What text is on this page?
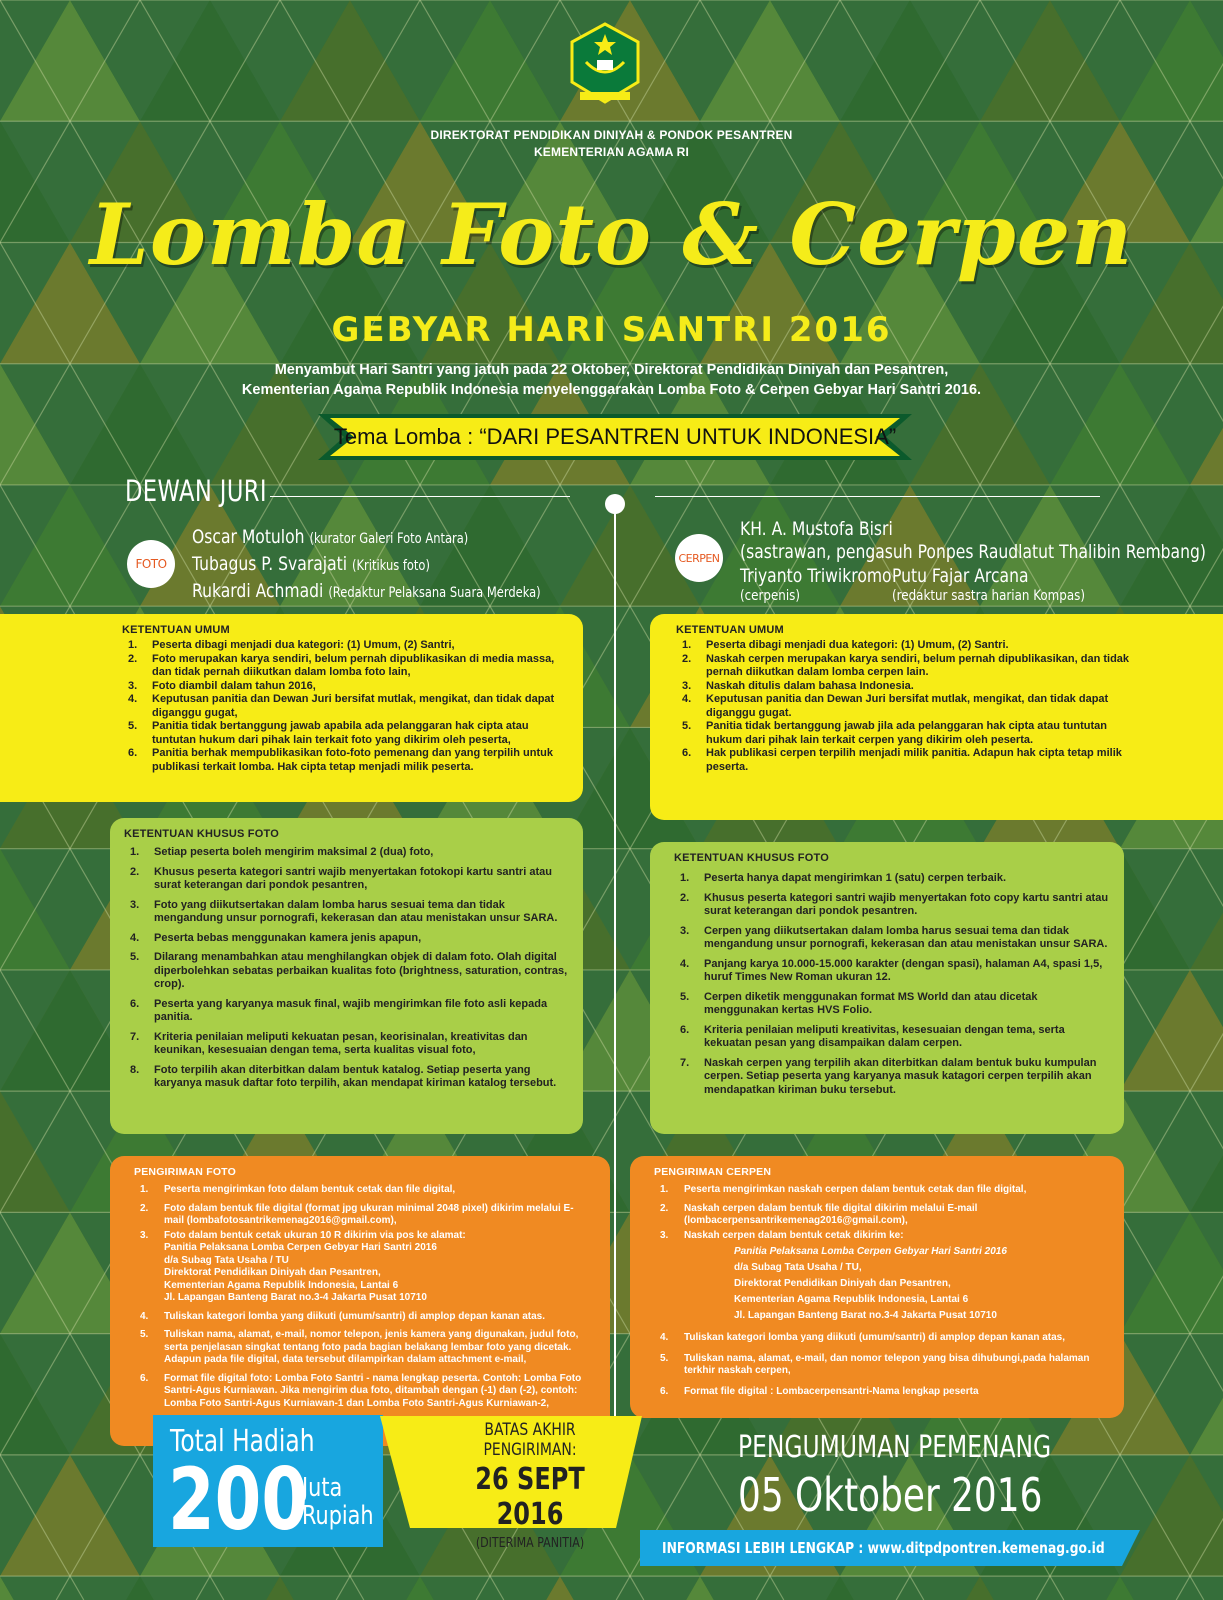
DIREKTORAT PENDIDIKAN DINIYAH & PONDOK PESANTREN
KEMENTERIAN AGAMA RI
Lomba Foto & Cerpen
GEBYAR HARI SANTRI 2016
Menyambut Hari Santri yang jatuh pada 22 Oktober, Direktorat Pendidikan Diniyah dan Pesantren,
Kementerian Agama Republik Indonesia menyelenggarakan Lomba Foto & Cerpen Gebyar Hari Santri 2016.
Tema Lomba : “DARI PESANTREN UNTUK INDONESIA”
DEWAN JURI
FOTO
Oscar Motuloh (kurator Galeri Foto Antara)
Tubagus P. Svarajati (Kritikus foto)
Rukardi Achmadi (Redaktur Pelaksana Suara Merdeka)
CERPEN
KH. A. Mustofa Bisri
(sastrawan, pengasuh Ponpes Raudlatut Thalibin Rembang)
Triyanto Triwikromo
(cerpenis)
Putu Fajar Arcana
(redaktur sastra harian Kompas)
KETENTUAN UMUM
1.	Peserta dibagi menjadi dua kategori: (1) Umum, (2) Santri,
2.	Foto merupakan karya sendiri, belum pernah dipublikasikan di media massa, dan tidak pernah diikutkan dalam lomba foto lain,
3.	Foto diambil dalam tahun 2016,
4.	Keputusan panitia dan Dewan Juri bersifat mutlak, mengikat, dan tidak dapat diganggu gugat,
5.	Panitia tidak bertanggung jawab apabila ada pelanggaran hak cipta atau tuntutan hukum dari pihak lain terkait foto yang dikirim oleh peserta,
6.	Panitia berhak mempublikasikan foto-foto pemenang dan yang terpilih untuk publikasi terkait lomba. Hak cipta tetap menjadi milik peserta.
KETENTUAN UMUM
1.	Peserta dibagi menjadi dua kategori: (1) Umum, (2) Santri.
2.	Naskah cerpen merupakan karya sendiri, belum pernah dipublikasikan, dan tidak pernah diikutkan dalam lomba cerpen lain.
3.	Naskah ditulis dalam bahasa Indonesia.
4.	Keputusan panitia dan Dewan Juri bersifat mutlak, mengikat, dan tidak dapat diganggu gugat.
5.	Panitia tidak bertanggung jawab jila ada pelanggaran hak cipta atau tuntutan hukum dari pihak lain terkait cerpen yang dikirim oleh peserta.
6.	Hak publikasi cerpen terpilih menjadi milik panitia. Adapun hak cipta tetap milik peserta.
KETENTUAN KHUSUS FOTO
1.	Setiap peserta boleh mengirim maksimal 2 (dua) foto,
2.	Khusus peserta kategori santri wajib menyertakan fotokopi kartu santri atau surat keterangan dari pondok pesantren,
3.	Foto yang diikutsertakan dalam lomba harus sesuai tema dan tidak mengandung unsur pornografi, kekerasan dan atau menistakan unsur SARA.
4.	Peserta bebas menggunakan kamera jenis apapun,
5.	Dilarang menambahkan atau menghilangkan objek di dalam foto. Olah digital diperbolehkan sebatas perbaikan kualitas foto (brightness, saturation, contras, crop).
6.	Peserta yang karyanya masuk final, wajib mengirimkan file foto asli kepada panitia.
7.	Kriteria penilaian meliputi kekuatan pesan, keorisinalan, kreativitas dan keunikan, kesesuaian dengan tema, serta kualitas visual foto,
8.	Foto terpilih akan diterbitkan dalam bentuk katalog. Setiap peserta yang karyanya masuk daftar foto terpilih, akan mendapat kiriman katalog tersebut.
KETENTUAN KHUSUS FOTO
1.	Peserta hanya dapat mengirimkan 1 (satu) cerpen terbaik.
2.	Khusus peserta kategori santri wajib menyertakan foto copy kartu santri atau surat keterangan dari pondok pesantren.
3.	Cerpen yang diikutsertakan dalam lomba harus sesuai tema dan tidak mengandung unsur pornografi, kekerasan dan atau menistakan unsur SARA.
4.	Panjang karya 10.000-15.000 karakter (dengan spasi), halaman A4, spasi 1,5, huruf Times New Roman ukuran 12.
5.	Cerpen diketik menggunakan format MS World dan atau dicetak menggunakan kertas HVS Folio.
6.	Kriteria penilaian meliputi kreativitas, kesesuaian dengan tema, serta kekuatan pesan yang disampaikan dalam cerpen.
7.	Naskah cerpen yang terpilih akan diterbitkan dalam bentuk buku kumpulan cerpen. Setiap peserta yang karyanya masuk katagori cerpen terpilih akan mendapatkan kiriman buku tersebut.
PENGIRIMAN FOTO
1.	Peserta mengirimkan foto dalam bentuk cetak dan file digital,
2.	Foto dalam bentuk file digital (format jpg ukuran minimal 2048 pixel) dikirim melalui E-mail (lombafotosantrikemenag2016@gmail.com),
3.	Foto dalam bentuk cetak ukuran 10 R dikirim via pos ke alamat:
Panitia Pelaksana Lomba Cerpen Gebyar Hari Santri 2016
d/a Subag Tata Usaha / TU
Direktorat Pendidikan Diniyah dan Pesantren,
Kementerian Agama Republik Indonesia, Lantai 6
Jl. Lapangan Banteng Barat no.3-4 Jakarta Pusat 10710
4.	Tuliskan kategori lomba yang diikuti (umum/santri) di amplop depan kanan atas.
5.	Tuliskan nama, alamat, e-mail, nomor telepon, jenis kamera yang digunakan, judul foto, serta penjelasan singkat tentang foto pada bagian belakang lembar foto yang dicetak. Adapun pada file digital, data tersebut dilampirkan dalam attachment e-mail,
6.	Format file digital foto: Lomba Foto Santri - nama lengkap peserta. Contoh: Lomba Foto Santri-Agus Kurniawan. Jika mengirim dua foto, ditambah dengan (-1) dan (-2), contoh: Lomba Foto Santri-Agus Kurniawan-1 dan Lomba Foto Santri-Agus Kurniawan-2,
PENGIRIMAN CERPEN
1.	Peserta mengirimkan naskah cerpen dalam bentuk cetak dan file digital,
2.	Naskah cerpen dalam bentuk file digital dikirim melalui E-mail (lombacerpensantrikemenag2016@gmail.com),
3.	Naskah cerpen dalam bentuk cetak dikirim ke:
Panitia Pelaksana Lomba Cerpen Gebyar Hari Santri 2016
d/a Subag Tata Usaha / TU,
Direktorat Pendidikan Diniyah dan Pesantren,
Kementerian Agama Republik Indonesia, Lantai 6
Jl. Lapangan Banteng Barat no.3-4 Jakarta Pusat 10710
4.	Tuliskan kategori lomba yang diikuti (umum/santri) di amplop depan kanan atas,
5.	Tuliskan nama, alamat, e-mail, dan nomor telepon yang bisa dihubungi,pada halaman terkhir naskah cerpen,
6.	Format file digital : Lombacerpensantri-Nama lengkap peserta
Total Hadiah
200
Juta
Rupiah
BATAS AKHIR PENGIRIMAN:
26 SEPT 2016
(DITERIMA PANITIA)
PENGUMUMAN PEMENANG
05 Oktober 2016
INFORMASI LEBIH LENGKAP : www.ditpdpontren.kemenag.go.id
